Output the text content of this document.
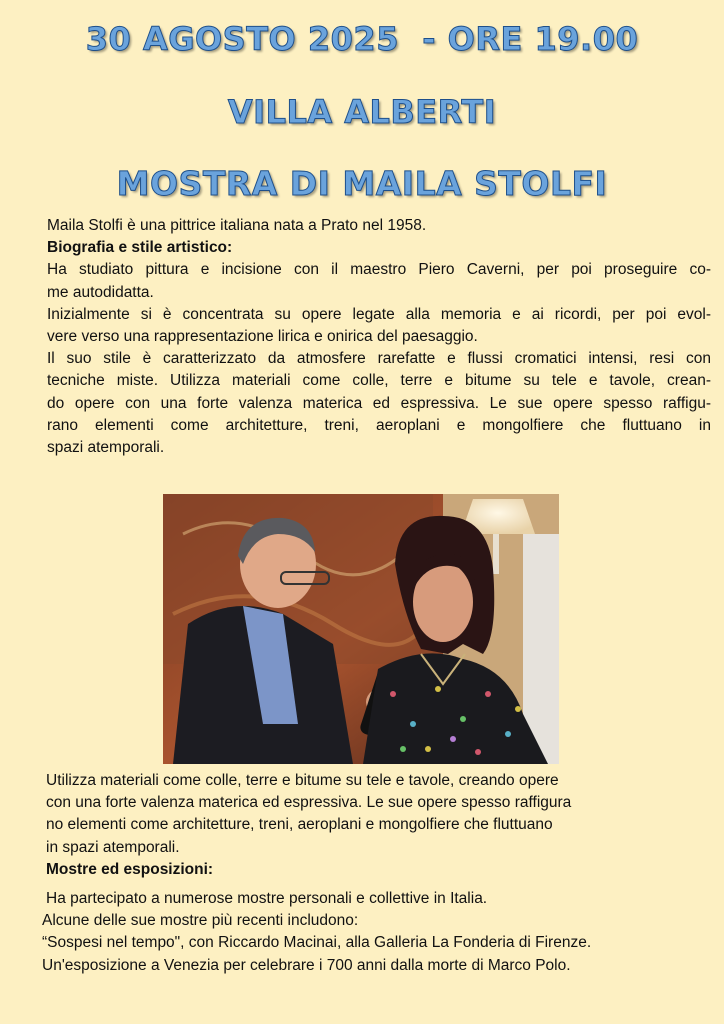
30 AGOSTO 2025  - ORE 19.00
VILLA ALBERTI
MOSTRA DI MAILA STOLFI
Maila Stolfi è una pittrice italiana nata a Prato nel 1958.
Biografia e stile artistico:
Ha studiato pittura e incisione con il maestro Piero Caverni, per poi proseguire co-
me autodidatta.
Inizialmente si è concentrata su opere legate alla memoria e ai ricordi, per poi evol-
vere verso una rappresentazione lirica e onirica del paesaggio.
Il suo stile è caratterizzato da atmosfere rarefatte e flussi cromatici intensi, resi con
tecniche miste. Utilizza materiali come colle, terre e bitume su tele e tavole, crean-
do opere con una forte valenza materica ed espressiva. Le sue opere spesso raffigu-
rano elementi come architetture, treni, aeroplani e mongolfiere che fluttuano in
spazi atemporali.
Utilizza materiali come colle, terre e bitume su tele e tavole, creando opere
con una forte valenza materica ed espressiva. Le sue opere spesso raffigura
no elementi come architetture, treni, aeroplani e mongolfiere che fluttuano
in spazi atemporali.
Mostre ed esposizioni:
Ha partecipato a numerose mostre personali e collettive in Italia.
Alcune delle sue mostre più recenti includono:
“Sospesi nel tempo", con Riccardo Macinai, alla Galleria La Fonderia di Firenze.
Un'esposizione a Venezia per celebrare i 700 anni dalla morte di Marco Polo.
